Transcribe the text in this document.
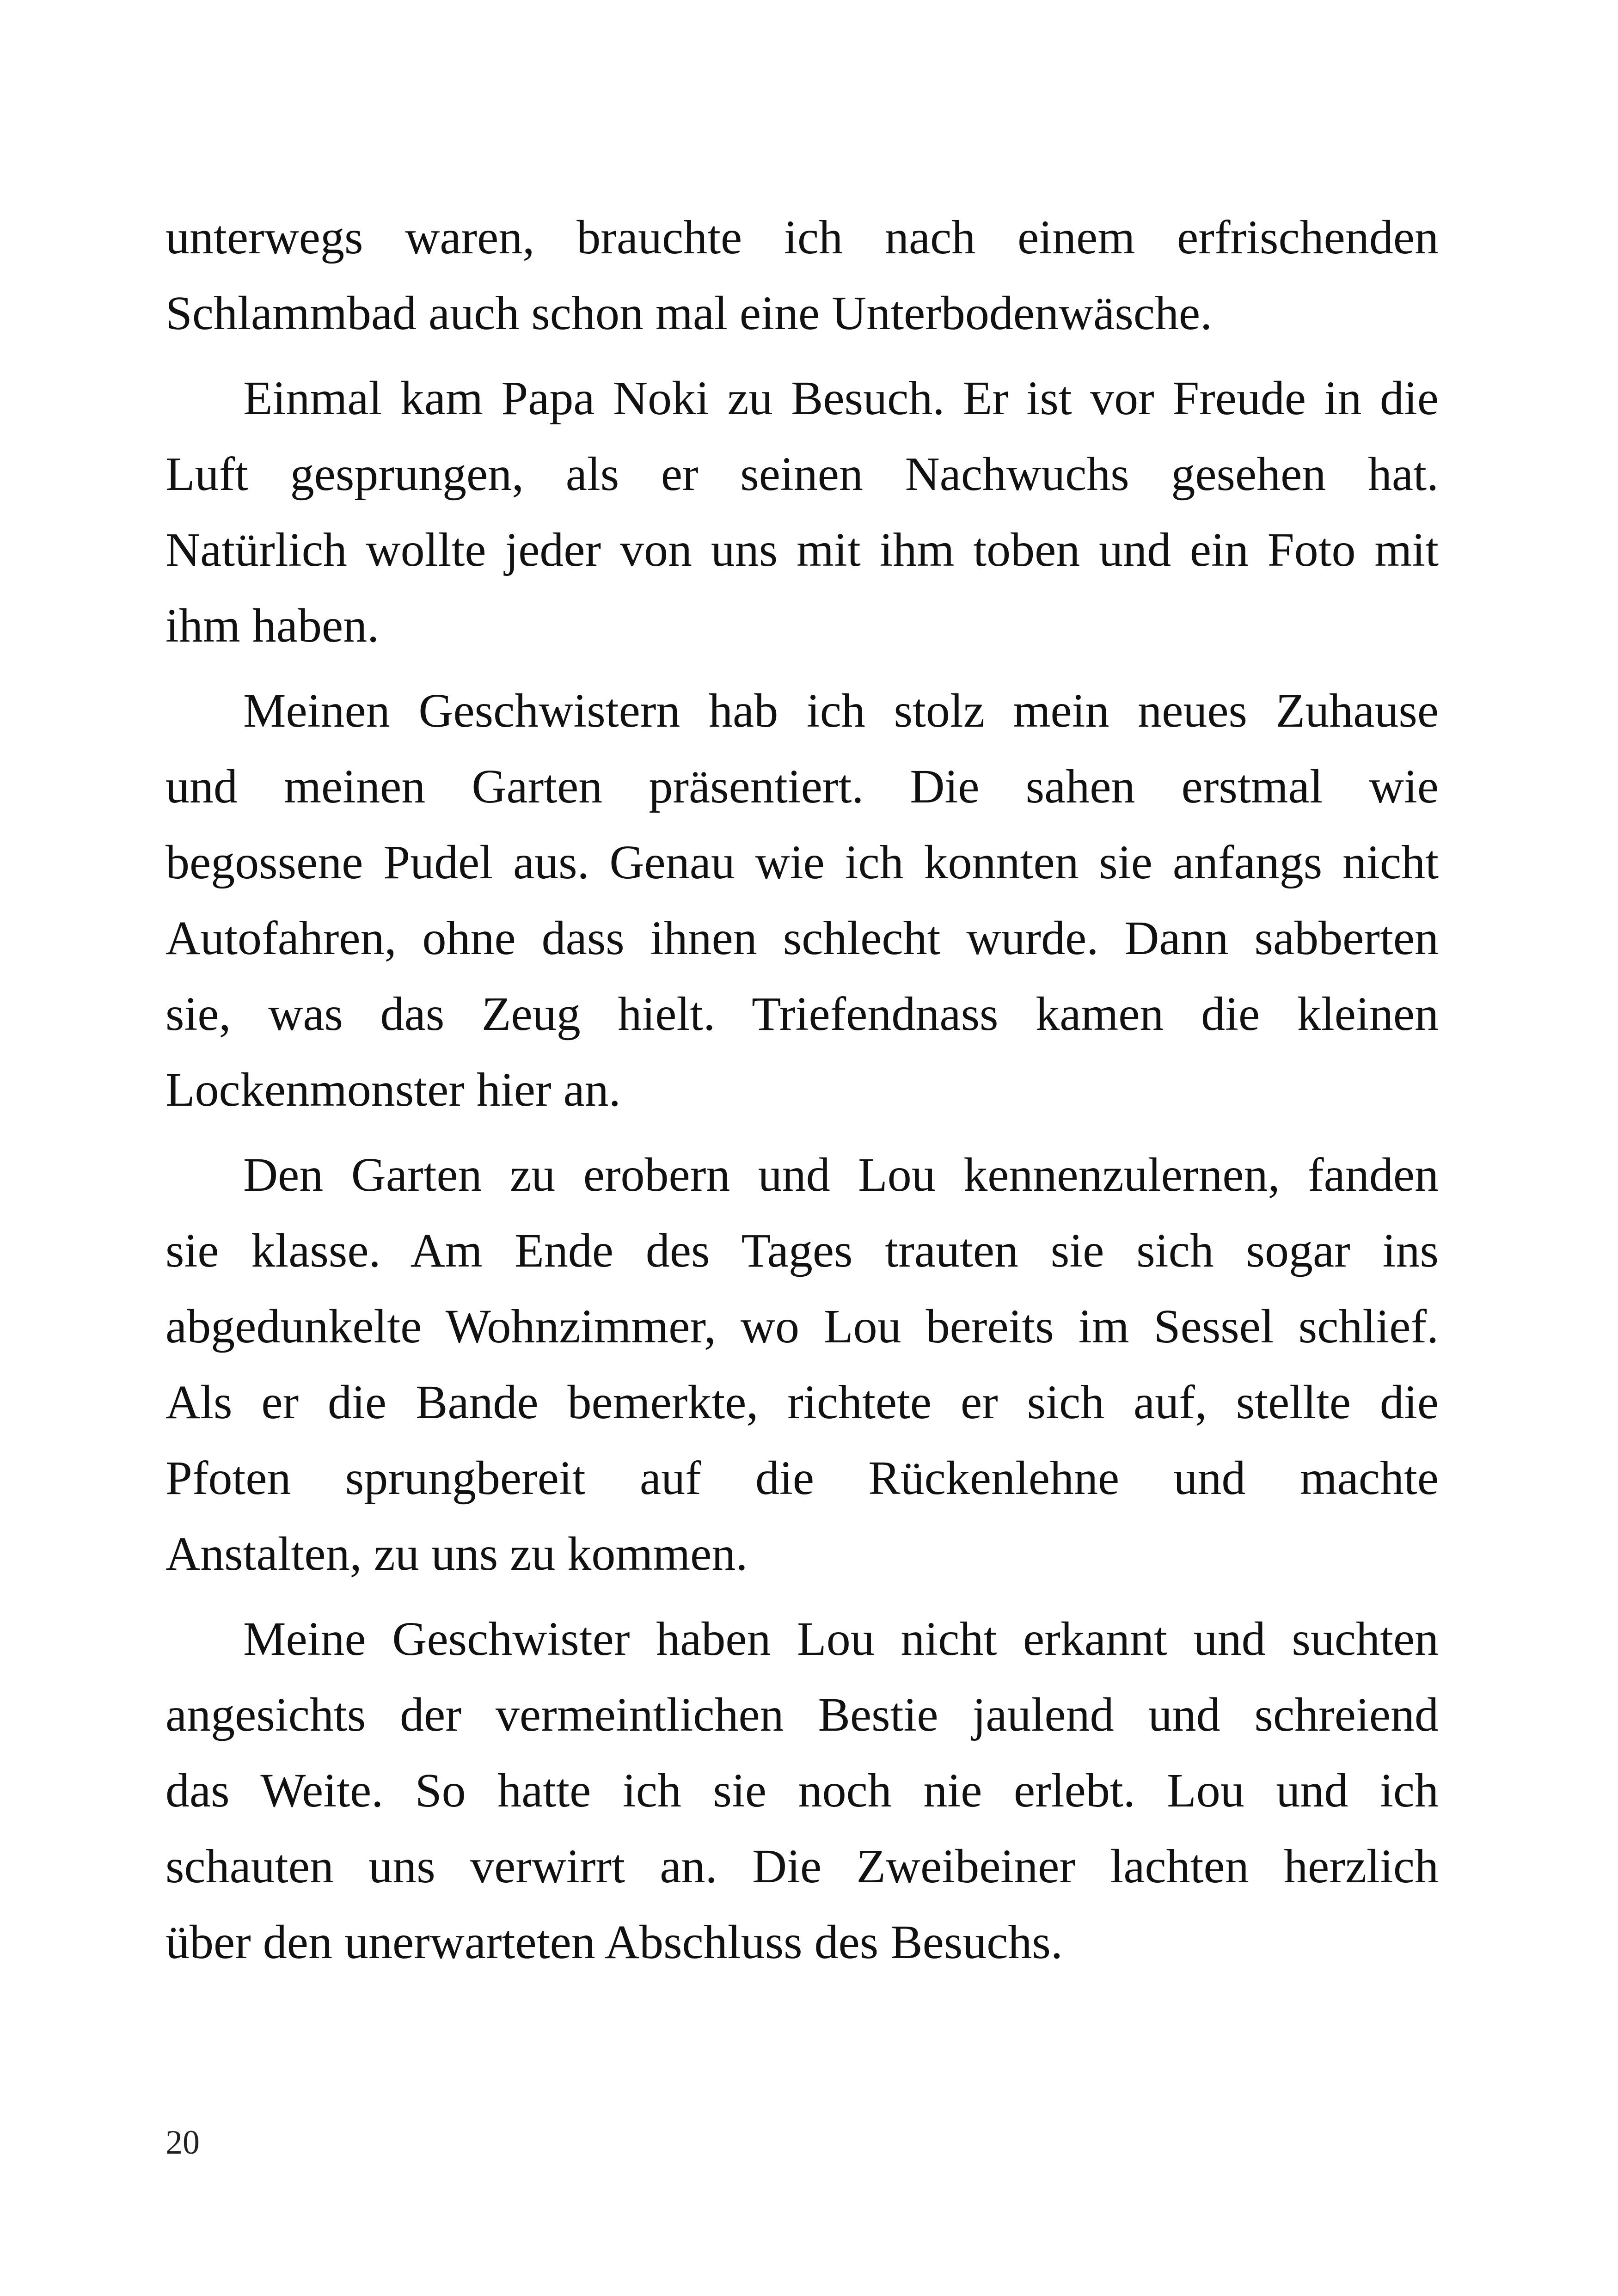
unterwegs waren, brauchte ich nach einem erfrischenden
Schlammbad auch schon mal eine Unterbodenwäsche.
Einmal kam Papa Noki zu Besuch. Er ist vor Freude in die
Luft gesprungen, als er seinen Nachwuchs gesehen hat.
Natürlich wollte jeder von uns mit ihm toben und ein Foto mit
ihm haben.
Meinen Geschwistern hab ich stolz mein neues Zuhause
und meinen Garten präsentiert. Die sahen erstmal wie
begossene Pudel aus. Genau wie ich konnten sie anfangs nicht
Autofahren, ohne dass ihnen schlecht wurde. Dann sabberten
sie, was das Zeug hielt. Triefendnass kamen die kleinen
Lockenmonster hier an.
Den Garten zu erobern und Lou kennenzulernen, fanden
sie klasse. Am Ende des Tages trauten sie sich sogar ins
abgedunkelte Wohnzimmer, wo Lou bereits im Sessel schlief.
Als er die Bande bemerkte, richtete er sich auf, stellte die
Pfoten sprungbereit auf die Rückenlehne und machte
Anstalten, zu uns zu kommen.
Meine Geschwister haben Lou nicht erkannt und suchten
angesichts der vermeintlichen Bestie jaulend und schreiend
das Weite. So hatte ich sie noch nie erlebt. Lou und ich
schauten uns verwirrt an. Die Zweibeiner lachten herzlich
über den unerwarteten Abschluss des Besuchs.
20
